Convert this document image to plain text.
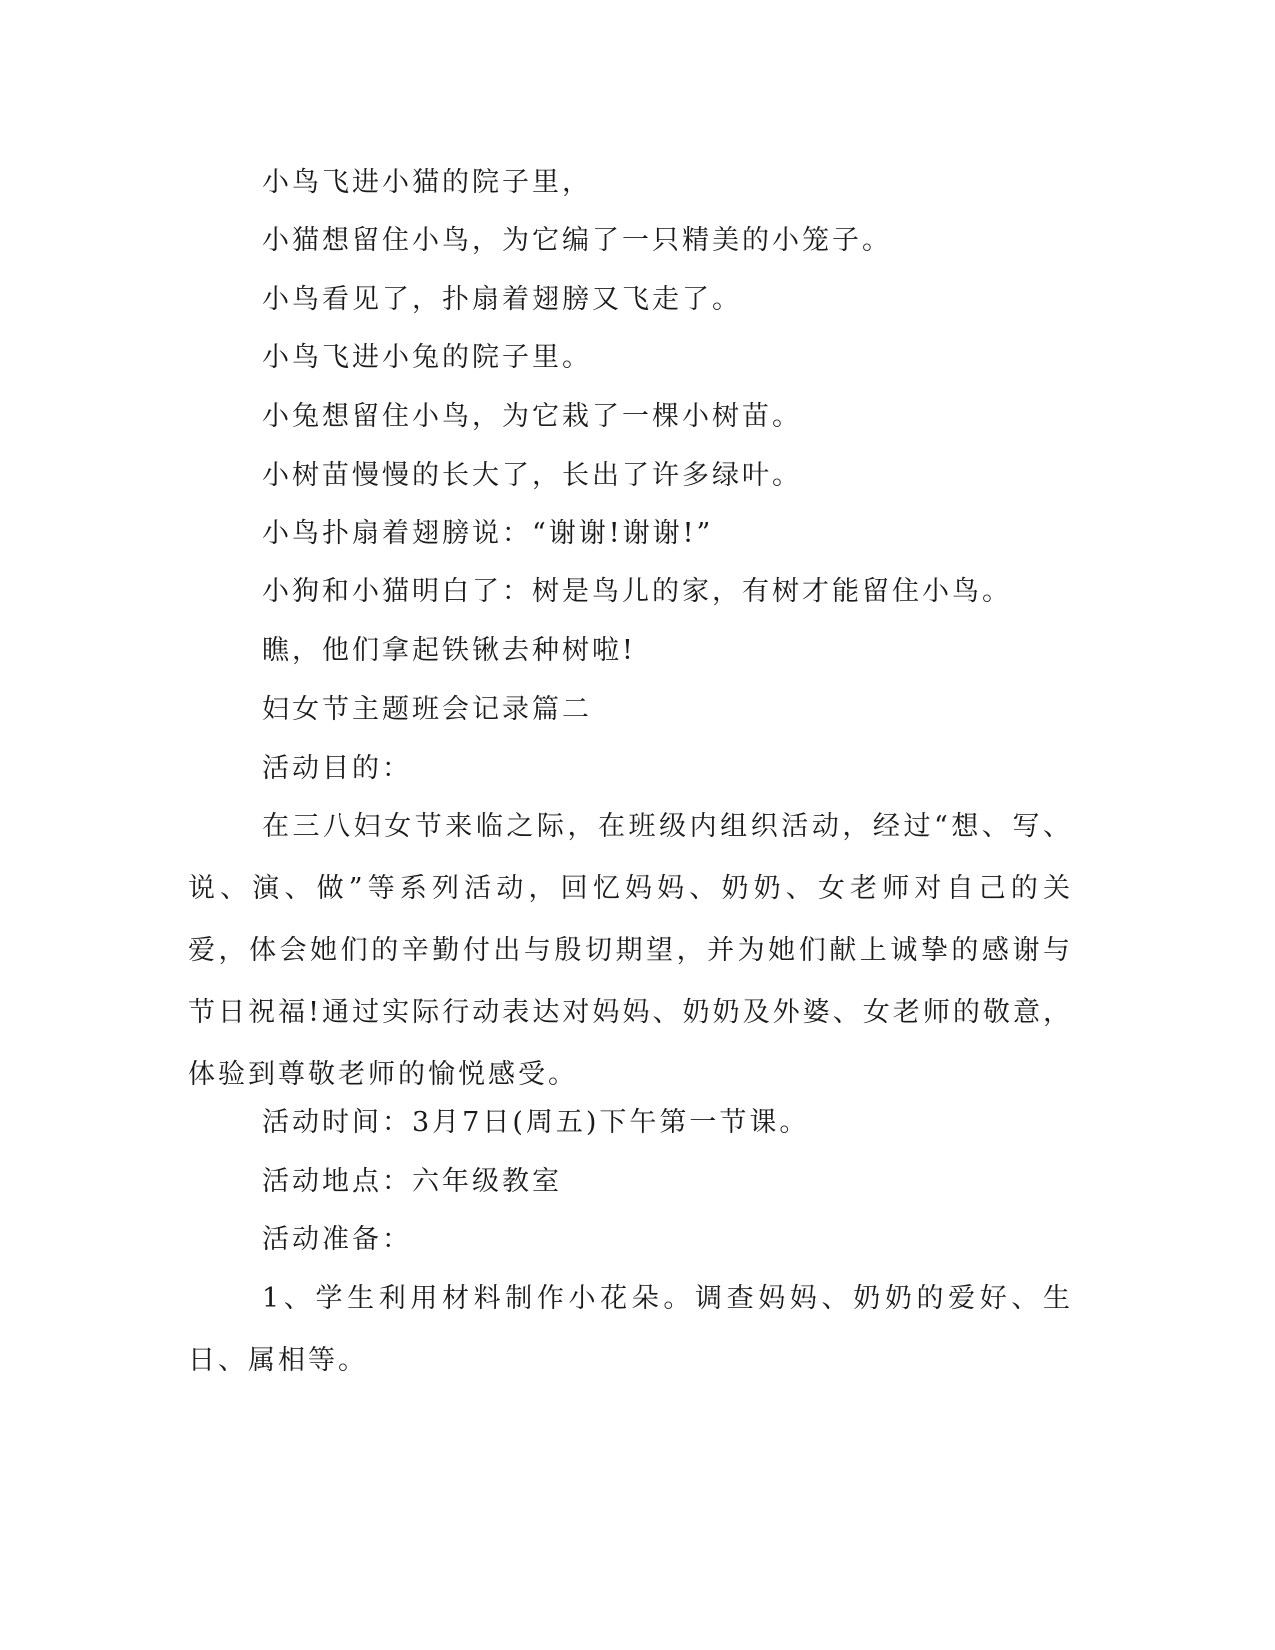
小鸟飞进小猫的院子里，
小猫想留住小鸟，为它编了一只精美的小笼子。
小鸟看见了，扑扇着翅膀又飞走了。
小鸟飞进小兔的院子里。
小兔想留住小鸟，为它栽了一棵小树苗。
小树苗慢慢的长大了，长出了许多绿叶。
小鸟扑扇着翅膀说：“谢谢!谢谢!”
小狗和小猫明白了：树是鸟儿的家，有树才能留住小鸟。
瞧，他们拿起铁锹去种树啦!
妇女节主题班会记录篇二
活动目的：
在三八妇女节来临之际，在班级内组织活动，经过“想、写、说、演、做”等系列活动，回忆妈妈、奶奶、女老师对自己的关爱，体会她们的辛勤付出与殷切期望，并为她们献上诚挚的感谢与节日祝福!通过实际行动表达对妈妈、奶奶及外婆、女老师的敬意，体验到尊敬老师的愉悦感受。
活动时间：3月7日(周五)下午第一节课。
活动地点：六年级教室
活动准备：
1、学生利用材料制作小花朵。调查妈妈、奶奶的爱好、生日、属相等。
